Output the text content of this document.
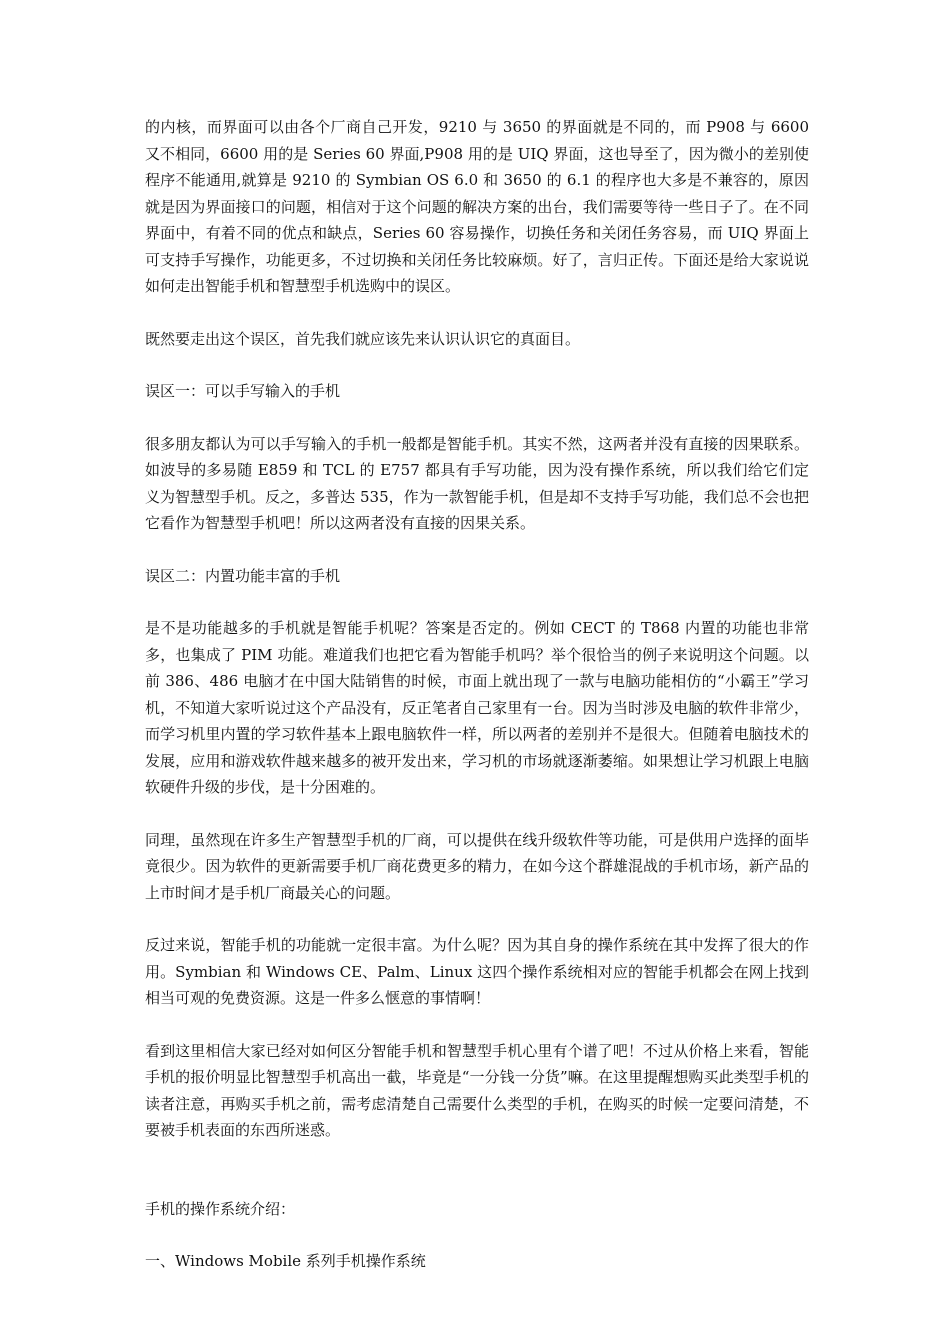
的内核，而界面可以由各个厂商自己开发，9210 与 3650 的界面就是不同的，而 P908 与 6600 又不相同，6600 用的是 Series 60 界面,P908 用的是 UIQ 界面，这也导至了，因为微小的差别使程序不能通用,就算是 9210 的 Symbian OS 6.0 和 3650 的 6.1 的程序也大多是不兼容的，原因就是因为界面接口的问题，相信对于这个问题的解决方案的出台，我们需要等待一些日子了。在不同界面中，有着不同的优点和缺点，Series 60 容易操作，切换任务和关闭任务容易，而 UIQ 界面上可支持手写操作，功能更多，不过切换和关闭任务比较麻烦。好了，言归正传。下面还是给大家说说如何走出智能手机和智慧型手机选购中的误区。

既然要走出这个误区，首先我们就应该先来认识认识它的真面目。

误区一：可以手写输入的手机

很多朋友都认为可以手写输入的手机一般都是智能手机。其实不然，这两者并没有直接的因果联系。如波导的多易随 E859 和 TCL 的 E757 都具有手写功能，因为没有操作系统，所以我们给它们定义为智慧型手机。反之，多普达 535，作为一款智能手机，但是却不支持手写功能，我们总不会也把它看作为智慧型手机吧！所以这两者没有直接的因果关系。

误区二：内置功能丰富的手机

是不是功能越多的手机就是智能手机呢？答案是否定的。例如 CECT 的 T868 内置的功能也非常多，也集成了 PIM 功能。难道我们也把它看为智能手机吗？举个很恰当的例子来说明这个问题。以前 386、486 电脑才在中国大陆销售的时候，市面上就出现了一款与电脑功能相仿的“小霸王”学习机，不知道大家听说过这个产品没有，反正笔者自己家里有一台。因为当时涉及电脑的软件非常少，而学习机里内置的学习软件基本上跟电脑软件一样，所以两者的差别并不是很大。但随着电脑技术的发展，应用和游戏软件越来越多的被开发出来，学习机的市场就逐渐萎缩。如果想让学习机跟上电脑软硬件升级的步伐，是十分困难的。

同理，虽然现在许多生产智慧型手机的厂商，可以提供在线升级软件等功能，可是供用户选择的面毕竟很少。因为软件的更新需要手机厂商花费更多的精力，在如今这个群雄混战的手机市场，新产品的上市时间才是手机厂商最关心的问题。

反过来说，智能手机的功能就一定很丰富。为什么呢？因为其自身的操作系统在其中发挥了很大的作用。Symbian 和 Windows CE、Palm、Linux 这四个操作系统相对应的智能手机都会在网上找到相当可观的免费资源。这是一件多么惬意的事情啊！

看到这里相信大家已经对如何区分智能手机和智慧型手机心里有个谱了吧！不过从价格上来看，智能手机的报价明显比智慧型手机高出一截，毕竟是“一分钱一分货”嘛。在这里提醒想购买此类型手机的读者注意，再购买手机之前，需考虑清楚自己需要什么类型的手机，在购买的时候一定要问清楚，不要被手机表面的东西所迷惑。

手机的操作系统介绍：

一、Windows Mobile 系列手机操作系统
